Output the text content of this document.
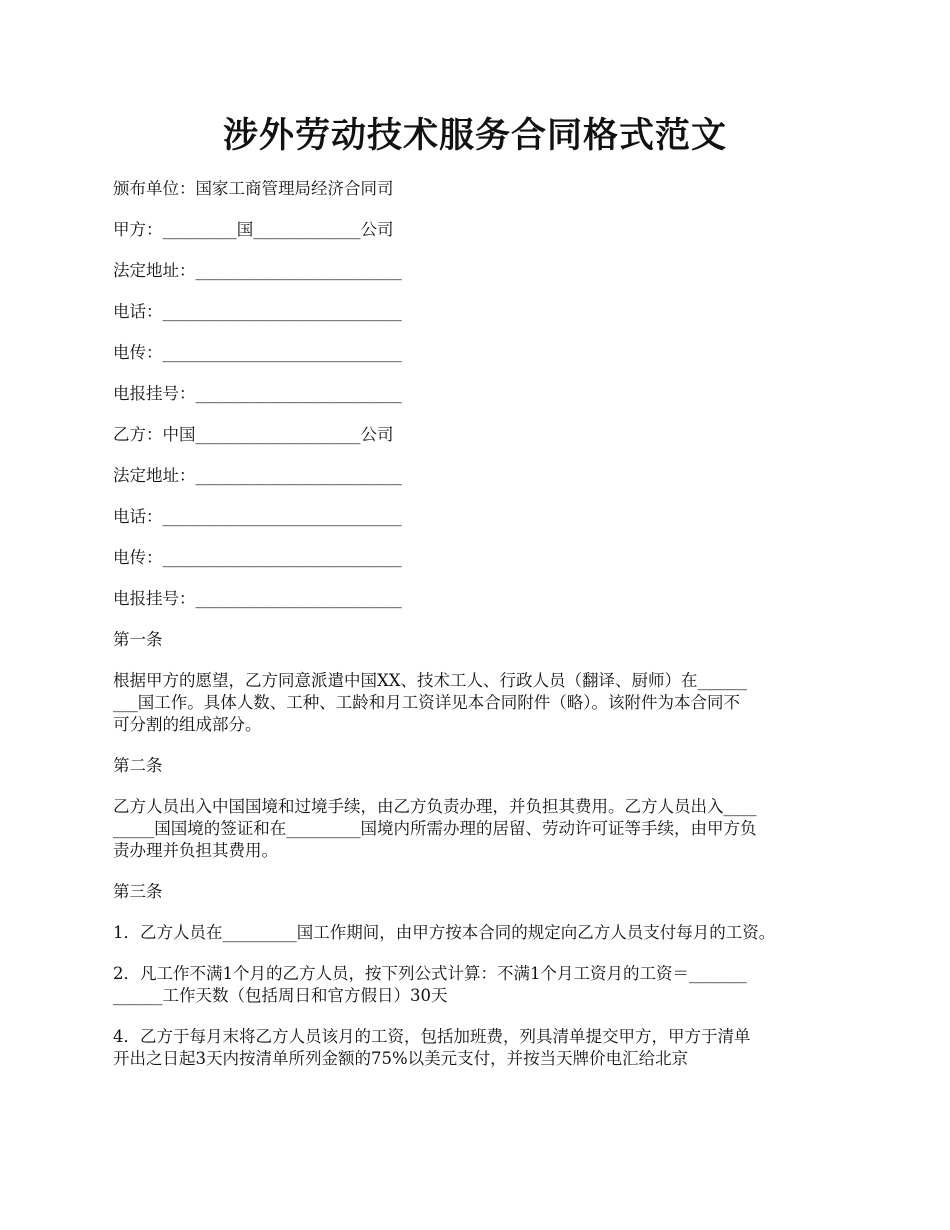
涉外劳动技术服务合同格式范文

颁布单位：国家工商管理局经济合同司

甲方：_________国_____________公司

法定地址：_________________________

电话：_____________________________

电传：_____________________________

电报挂号：_________________________

乙方：中国____________________公司

法定地址：_________________________

电话：_____________________________

电传：_____________________________

电报挂号：_________________________

第一条

根据甲方的愿望，乙方同意派遣中国XX、技术工人、行政人员（翻译、厨师）在______
___国工作。具体人数、工种、工龄和月工资详见本合同附件（略）。该附件为本合同不
可分割的组成部分。

第二条

乙方人员出入中国国境和过境手续，由乙方负责办理，并负担其费用。乙方人员出入____
_____国国境的签证和在_________国境内所需办理的居留、劳动许可证等手续，由甲方负
责办理并负担其费用。

第三条

1．乙方人员在_________国工作期间，由甲方按本合同的规定向乙方人员支付每月的工资。

2．凡工作不满1个月的乙方人员，按下列公式计算：不满1个月工资月的工资＝_______
______工作天数（包括周日和官方假日）30天

4．乙方于每月末将乙方人员该月的工资，包括加班费，列具清单提交甲方，甲方于清单
开出之日起3天内按清单所列金额的75%以美元支付，并按当天牌价电汇给北京
